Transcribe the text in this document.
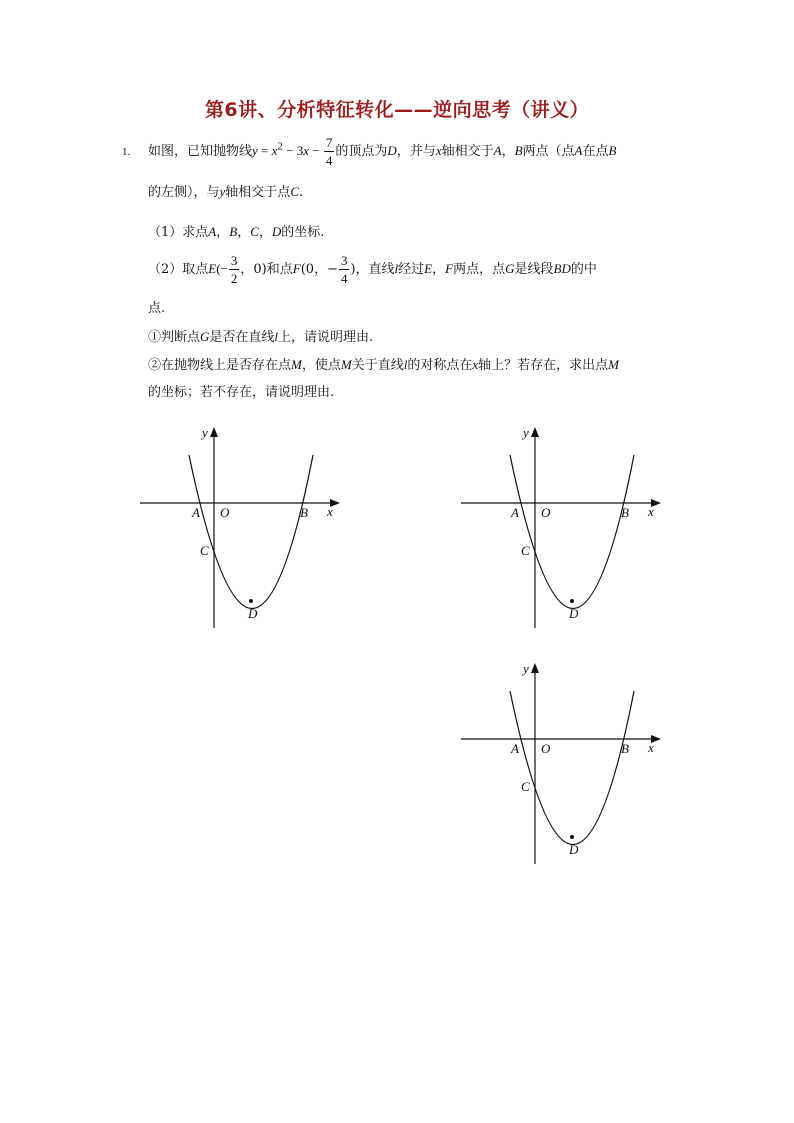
第6讲、分析特征转化——逆向思考（讲义）
1. 如图，已知抛物线$y = x^2 - 3x - \frac{7}{4}$ 的顶点为D，并与x轴相交于A，B两点（点A在点B
的左侧），与y轴相交于点C.
（1）求点A，B，C，D的坐标.
（2）取点$E(- \frac{3}{2}$ ，0)和点F(0，− $\frac{3}{4}$ )，直线l经过E，F两点，点G是线段BD的中
点.
①判断点G是否在直线l上，请说明理由.
②在抛物线上是否存在点M，使点M关于直线l的对称点在x轴上？若存在，求出点M
的坐标；若不存在，请说明理由.
y
x
A O	B
C
D
y
x
A O	B
C
D
y
x
A O	B
C
D
